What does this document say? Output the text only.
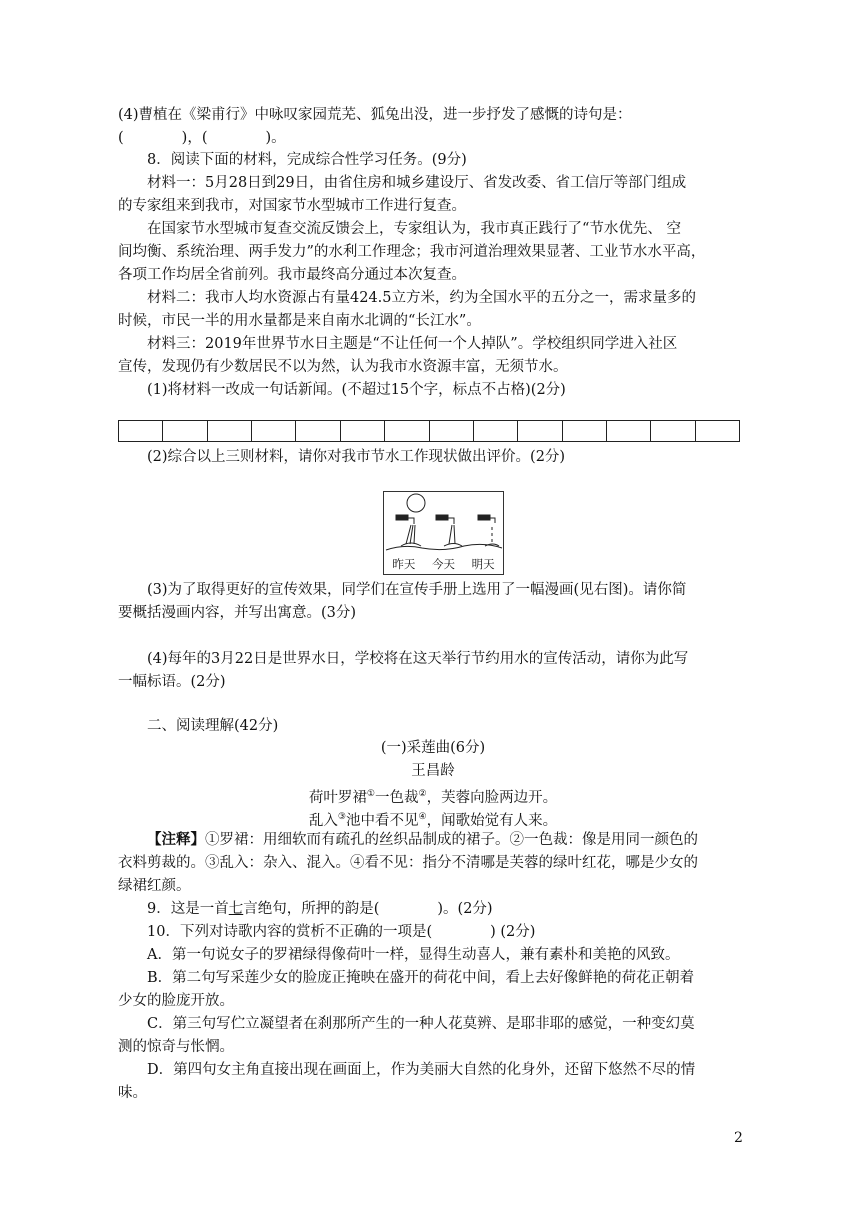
(4)曹植在《梁甫行》中咏叹家园荒芜、狐兔出没，进一步抒发了感慨的诗句是：
(　　　　)，(　　　　)。
8．阅读下面的材料，完成综合性学习任务。(9分)
材料一：5月28日到29日，由省住房和城乡建设厅、省发改委、省工信厅等部门组成
的专家组来到我市，对国家节水型城市工作进行复查。
在国家节水型城市复查交流反馈会上，专家组认为，我市真正践行了“节水优先、 空
间均衡、系统治理、两手发力”的水利工作理念；我市河道治理效果显著、工业节水水平高，
各项工作均居全省前列。我市最终高分通过本次复查。
材料二：我市人均水资源占有量424.5立方米，约为全国水平的五分之一，需求量多的
时候，市民一半的用水量都是来自南水北调的“长江水”。
材料三：2019年世界节水日主题是“不让任何一个人掉队”。学校组织同学进入社区
宣传，发现仍有少数居民不以为然，认为我市水资源丰富，无须节水。
(1)将材料一改成一句话新闻。(不超过15个字，标点不占格)(2分)
(2)综合以上三则材料，请你对我市节水工作现状做出评价。(2分)
昨天 今天 明天
(3)为了取得更好的宣传效果，同学们在宣传手册上选用了一幅漫画(见右图)。请你简
要概括漫画内容，并写出寓意。(3分)
(4)每年的3月22日是世界水日，学校将在这天举行节约用水的宣传活动，请你为此写
一幅标语。(2分)
二、阅读理解(42分)
(一)采莲曲(6分)
王昌龄
荷叶罗裙①一色裁②，芙蓉向脸两边开。
乱入③池中看不见④，闻歌始觉有人来。
【注释】①罗裙：用细软而有疏孔的丝织品制成的裙子。②一色裁：像是用同一颜色的
衣料剪裁的。③乱入：杂入、混入。④看不见：指分不清哪是芙蓉的绿叶红花，哪是少女的
绿裙红颜。
9．这是一首七言绝句，所押的韵是(　　　　)。(2分)
10．下列对诗歌内容的赏析不正确的一项是(　　　　) (2分)
A．第一句说女子的罗裙绿得像荷叶一样，显得生动喜人，兼有素朴和美艳的风致。
B．第二句写采莲少女的脸庞正掩映在盛开的荷花中间，看上去好像鲜艳的荷花正朝着
少女的脸庞开放。
C．第三句写伫立凝望者在刹那所产生的一种人花莫辨、是耶非耶的感觉，一种变幻莫
测的惊奇与怅惘。
D．第四句女主角直接出现在画面上，作为美丽大自然的化身外，还留下悠然不尽的情
味。
2
